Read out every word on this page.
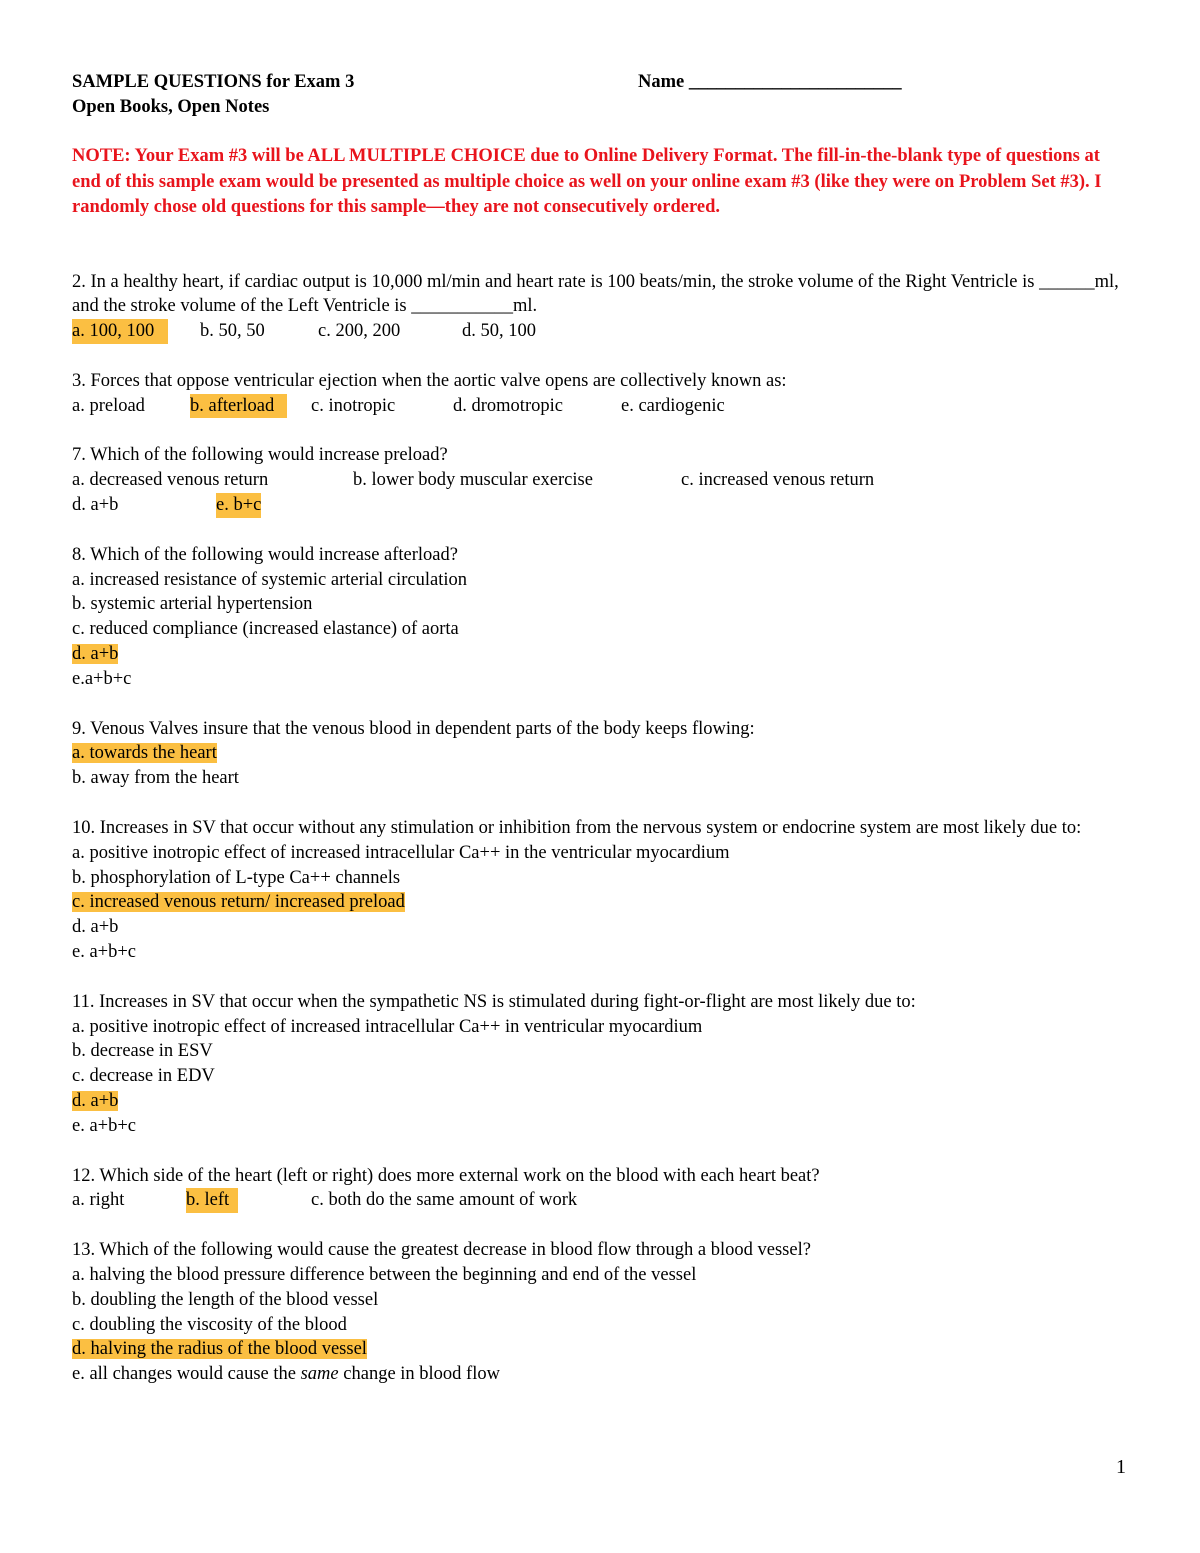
SAMPLE QUESTIONS for Exam 3	Name _______________________
Open Books, Open Notes
NOTE: Your Exam #3 will be ALL MULTIPLE CHOICE due to Online Delivery Format. The fill-in-the-blank type of questions at end of this sample exam would be presented as multiple choice as well on your online exam #3 (like they were on Problem Set #3). I randomly chose old questions for this sample—they are not consecutively ordered.
2. In a healthy heart, if cardiac output is 10,000 ml/min and heart rate is 100 beats/min, the stroke volume of the Right Ventricle is ______ml, and the stroke volume of the Left Ventricle is ___________ml.
a. 100, 100 b. 50, 50	c. 200, 200	d. 50, 100
3. Forces that oppose ventricular ejection when the aortic valve opens are collectively known as:
a. preload b. afterload c. inotropic	d. dromotropic	e. cardiogenic
7. Which of the following would increase preload?
a. decreased venous return	b. lower body muscular exercise	c. increased venous return
d. a+b	e. b+c
8. Which of the following would increase afterload?
a. increased resistance of systemic arterial circulation
b. systemic arterial hypertension
c. reduced compliance (increased elastance) of aorta
d. a+b
e.a+b+c
9. Venous Valves insure that the venous blood in dependent parts of the body keeps flowing:
a. towards the heart
b. away from the heart
10. Increases in SV that occur without any stimulation or inhibition from the nervous system or endocrine system are most likely due to:
a. positive inotropic effect of increased intracellular Ca++ in the ventricular myocardium
b. phosphorylation of L-type Ca++ channels
c. increased venous return/ increased preload
d. a+b
e. a+b+c
11. Increases in SV that occur when the sympathetic NS is stimulated during fight-or-flight are most likely due to:
a. positive inotropic effect of increased intracellular Ca++ in ventricular myocardium
b. decrease in ESV
c. decrease in EDV
d. a+b
e. a+b+c
12. Which side of the heart (left or right) does more external work on the blood with each heart beat?
a. right	b. left	c. both do the same amount of work
13. Which of the following would cause the greatest decrease in blood flow through a blood vessel?
a. halving the blood pressure difference between the beginning and end of the vessel
b. doubling the length of the blood vessel
c. doubling the viscosity of the blood
d. halving the radius of the blood vessel
e. all changes would cause the same change in blood flow
1
